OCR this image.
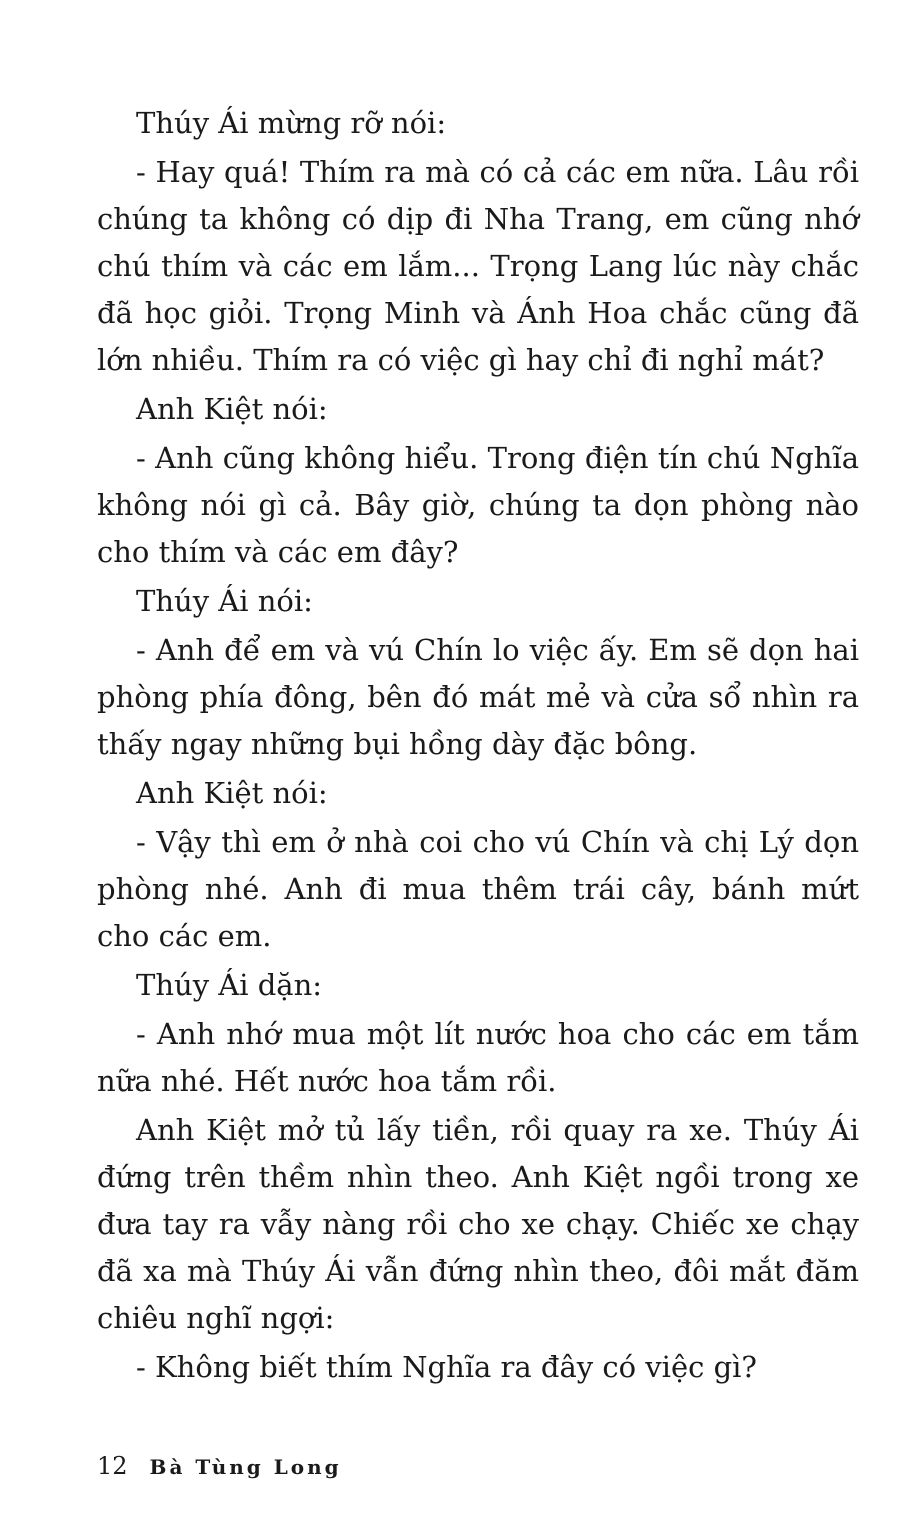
Thúy Ái mừng rỡ nói:

- Hay quá! Thím ra mà có cả các em nữa. Lâu rồi chúng ta không có dịp đi Nha Trang, em cũng nhớ chú thím và các em lắm... Trọng Lang lúc này chắc đã học giỏi. Trọng Minh và Ánh Hoa chắc cũng đã lớn nhiều. Thím ra có việc gì hay chỉ đi nghỉ mát?

Anh Kiệt nói:

- Anh cũng không hiểu. Trong điện tín chú Nghĩa không nói gì cả. Bây giờ, chúng ta dọn phòng nào cho thím và các em đây?

Thúy Ái nói:

- Anh để em và vú Chín lo việc ấy. Em sẽ dọn hai phòng phía đông, bên đó mát mẻ và cửa sổ nhìn ra thấy ngay những bụi hồng dày đặc bông.

Anh Kiệt nói:

- Vậy thì em ở nhà coi cho vú Chín và chị Lý dọn phòng nhé. Anh đi mua thêm trái cây, bánh mứt cho các em.

Thúy Ái dặn:

- Anh nhớ mua một lít nước hoa cho các em tắm nữa nhé. Hết nước hoa tắm rồi.

Anh Kiệt mở tủ lấy tiền, rồi quay ra xe. Thúy Ái đứng trên thềm nhìn theo. Anh Kiệt ngồi trong xe đưa tay ra vẫy nàng rồi cho xe chạy. Chiếc xe chạy đã xa mà Thúy Ái vẫn đứng nhìn theo, đôi mắt đăm chiêu nghĩ ngợi:

- Không biết thím Nghĩa ra đây có việc gì?

12 Bà Tùng Long
